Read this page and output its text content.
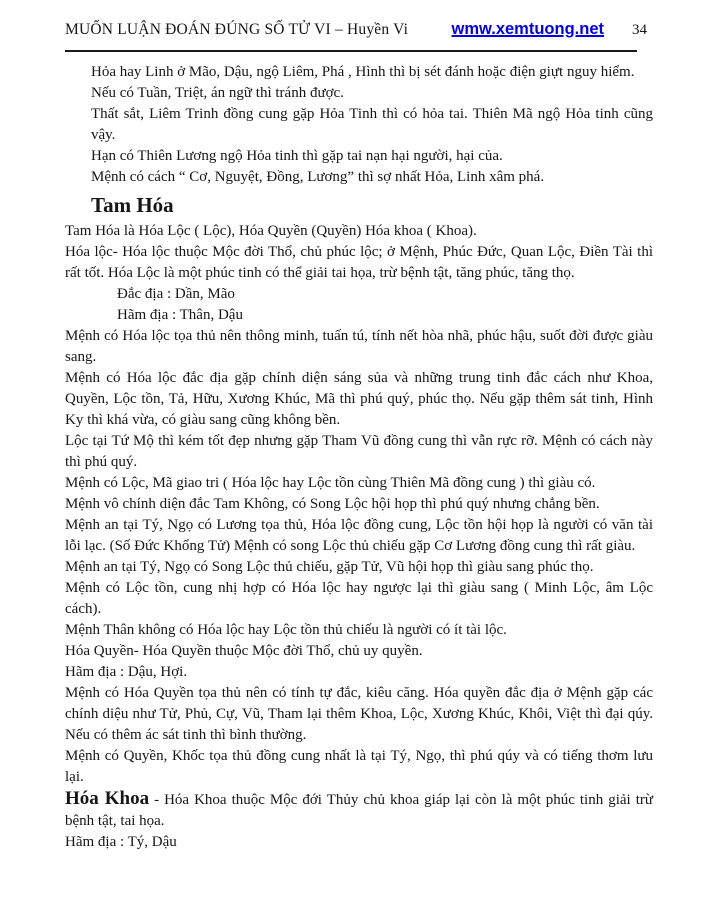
MUỐN LUẬN ĐOÁN ĐÚNG SỐ TỬ VI – Huyền Vi	wmw.xemtuong.net 34

Hỏa hay Linh ở Mão, Dậu, ngộ Liêm, Phá , Hình thì bị sét đánh hoặc điện giựt nguy hiểm.

Nếu có Tuần, Triệt, án ngữ thì tránh được.

Thất sắt, Liêm Trinh đồng cung gặp Hỏa Tinh thì có hỏa tai. Thiên Mã ngộ Hỏa tinh cũng vậy.

Hạn có Thiên Lương ngộ Hỏa tinh thì gặp tai nạn hại người, hại của.

Mệnh có cách “ Cơ, Nguyệt, Đồng, Lương” thì sợ nhất Hỏa, Linh xâm phá.

Tam Hóa

Tam Hóa là Hóa Lộc ( Lộc), Hóa Quyền (Quyền) Hóa khoa ( Khoa).

Hóa lộc- Hóa lộc thuộc Mộc đời Thổ, chủ phúc lộc; ở Mệnh, Phúc Đức, Quan Lộc, Điền Tài thì rất tốt. Hóa Lộc là một phúc tinh có thể giải tai họa, trừ bệnh tật, tăng phúc, tăng thọ.

Đắc địa : Dần, Mão

Hãm địa : Thân, Dậu

Mệnh có Hóa lộc tọa thủ nên thông minh, tuấn tú, tính nết hòa nhã, phúc hậu, suốt đời được giàu sang.

Mệnh có Hóa lộc đắc địa gặp chính diện sáng sủa và những trung tinh đắc cách như Khoa, Quyền, Lộc tồn, Tả, Hữu, Xương Khúc, Mã thì phú quý, phúc thọ. Nếu gặp thêm sát tinh, Hình Ky thì khá vừa, có giàu sang cũng không bền.

Lộc tại Tứ Mộ thì kém tốt đẹp nhưng gặp Tham Vũ đồng cung thì vẫn rực rỡ. Mệnh có cách này thì phú quý.

Mệnh có Lộc, Mã giao tri ( Hóa lộc hay Lộc tồn cùng Thiên Mã đồng cung ) thì giàu có.

Mệnh vô chính diện đắc Tam Không, có Song Lộc hội họp thì phú quý nhưng chẳng bền.

Mệnh an tại Tý, Ngọ có Lương tọa thủ, Hóa lộc đồng cung, Lộc tồn hội họp là người có văn tài lỗi lạc. (Số Đức Khổng Tử) Mệnh có song Lộc thủ chiếu gặp Cơ Lương đồng cung thì rất giàu.

Mệnh an tại Tý, Ngọ có Song Lộc thủ chiếu, gặp Tử, Vũ hội họp thì giàu sang phúc thọ.

Mệnh có Lộc tồn, cung nhị hợp có Hóa lộc hay ngược lại thì giàu sang ( Minh Lộc, âm Lộc cách).

Mệnh Thân không có Hóa lộc hay Lộc tồn thủ chiếu là người có ít tài lộc.

Hóa Quyền- Hóa Quyền thuộc Mộc đời Thổ, chủ uy quyền.

Hãm địa : Dậu, Hợi.

Mệnh có Hóa Quyền tọa thủ nên có tính tự đắc, kiêu căng. Hóa quyền đắc địa ở Mệnh gặp các chính diệu như Tử, Phủ, Cự, Vũ, Tham lại thêm Khoa, Lộc, Xương Khúc, Khôi, Việt thì đại qúy. Nếu có thêm ác sát tinh thì bình thường.

Mệnh có Quyền, Khốc tọa thủ đồng cung nhất là tại Tý, Ngọ, thì phú qúy và có tiếng thơm lưu lại.

Hóa Khoa - Hóa Khoa thuộc Mộc đới Thủy chủ khoa giáp lại còn là một phúc tinh giải trừ bệnh tật, tai họa.

Hãm địa : Tý, Dậu
